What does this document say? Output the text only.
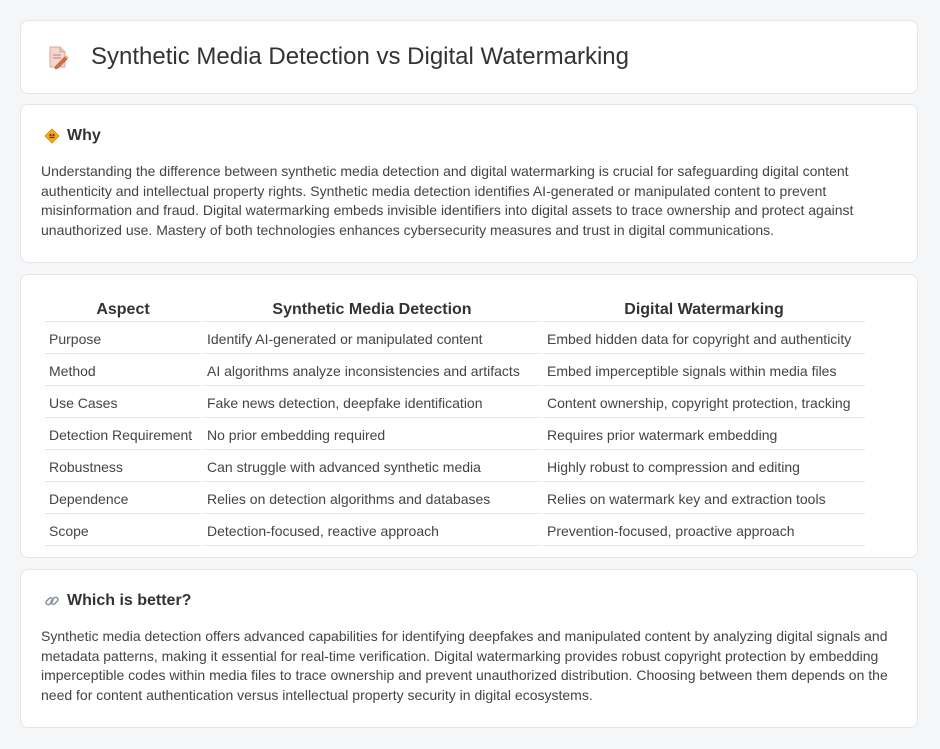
Synthetic Media Detection vs Digital Watermarking
Why

Understanding the difference between synthetic media detection and digital watermarking is crucial for safeguarding digital content authenticity and intellectual property rights. Synthetic media detection identifies AI-generated or manipulated content to prevent misinformation and fraud. Digital watermarking embeds invisible identifiers into digital assets to trace ownership and protect against unauthorized use. Mastery of both technologies enhances cybersecurity measures and trust in digital communications.

Aspect	Synthetic Media Detection	Digital Watermarking
Purpose	Identify AI-generated or manipulated content	Embed hidden data for copyright and authenticity
Method	AI algorithms analyze inconsistencies and artifacts	Embed imperceptible signals within media files
Use Cases	Fake news detection, deepfake identification	Content ownership, copyright protection, tracking
Detection Requirement	No prior embedding required	Requires prior watermark embedding
Robustness	Can struggle with advanced synthetic media	Highly robust to compression and editing
Dependence	Relies on detection algorithms and databases	Relies on watermark key and extraction tools
Scope	Detection-focused, reactive approach	Prevention-focused, proactive approach
Which is better?

Synthetic media detection offers advanced capabilities for identifying deepfakes and manipulated content by analyzing digital signals and metadata patterns, making it essential for real-time verification. Digital watermarking provides robust copyright protection by embedding imperceptible codes within media files to trace ownership and prevent unauthorized distribution. Choosing between them depends on the need for content authentication versus intellectual property security in digital ecosystems.
